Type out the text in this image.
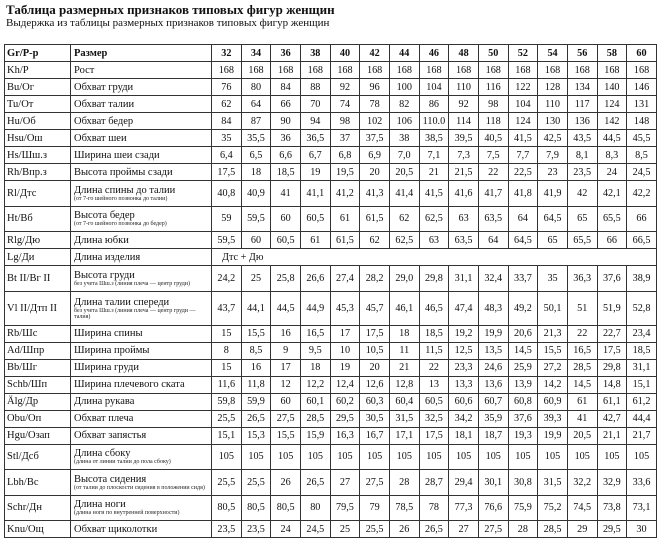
Таблица размерных признаков типовых фигур женщин
Выдержка из таблицы размерных признаков типовых фигур женщин
Gr/Р-р	Размер	32	34	36	38	40	42	44	46	48	50	52	54	56	58	60
Kh/Р	Рост	168	168	168	168	168	168	168	168	168	168	168	168	168	168	168
Bu/Ог	Обхват груди	76	80	84	88	92	96	100	104	110	116	122	128	134	140	146
Tu/От	Обхват талии	62	64	66	70	74	78	82	86	92	98	104	110	117	124	131
Hu/Об	Обхват бедер	84	87	90	94	98	102	106	110.0	114	118	124	130	136	142	148
Hsu/Ош	Обхват шеи	35	35,5	36	36,5	37	37,5	38	38,5	39,5	40,5	41,5	42,5	43,5	44,5	45,5
Hs/Шш.з	Ширина шеи сзади	6,4	6,5	6,6	6,7	6,8	6,9	7,0	7,1	7,3	7,5	7,7	7,9	8,1	8,3	8,5
Rh/Впр.з	Высота проймы сзади	17,5	18	18,5	19	19,5	20	20,5	21	21,5	22	22,5	23	23,5	24	24,5
Rl/Дтс	Длина спины до талии
(от 7-го шейного позвонка до талии)	40,8	40,9	41	41,1	41,2	41,3	41,4	41,5	41,6	41,7	41,8	41,9	42	42,1	42,2
Ht/Вб	Высота бедер
(от 7-го шейного позвонка до бедер)	59	59,5	60	60,5	61	61,5	62	62,5	63	63,5	64	64,5	65	65,5	66
Rlg/Дю	Длина юбки	59,5	60	60,5	61	61,5	62	62,5	63	63,5	64	64,5	65	65,5	66	66,5
Lg/Ди	Длина изделия	Дтс + Дю														
Bt II/Вг II	Высота груди
без учета Шш.з (линия плеча — центр груди)	24,2	25	25,8	26,6	27,4	28,2	29,0	29,8	31,1	32,4	33,7	35	36,3	37,6	38,9
Vl II/Дтп II	Длина талии спереди
без учета Шш.з (линия плеча — центр груди — талия)	43,7	44,1	44,5	44,9	45,3	45,7	46,1	46,5	47,4	48,3	49,2	50,1	51	51,9	52,8
Rb/Шс	Ширина спины	15	15,5	16	16,5	17	17,5	18	18,5	19,2	19,9	20,6	21,3	22	22,7	23,4
Ad/Шпр	Ширина проймы	8	8,5	9	9,5	10	10,5	11	11,5	12,5	13,5	14,5	15,5	16,5	17,5	18,5
Bb/Шг	Ширина груди	15	16	17	18	19	20	21	22	23,3	24,6	25,9	27,2	28,5	29,8	31,1
Schb/Шп	Ширина плечевого ската	11,6	11,8	12	12,2	12,4	12,6	12,8	13	13,3	13,6	13,9	14,2	14,5	14,8	15,1
Älg/Др	Длина рукава	59,8	59,9	60	60,1	60,2	60,3	60,4	60,5	60,6	60,7	60,8	60,9	61	61,1	61,2
Obu/Оп	Обхват плеча	25,5	26,5	27,5	28,5	29,5	30,5	31,5	32,5	34,2	35,9	37,6	39,3	41	42,7	44,4
Hgu/Озап	Обхват запястья	15,1	15,3	15,5	15,9	16,3	16,7	17,1	17,5	18,1	18,7	19,3	19,9	20,5	21,1	21,7
Stl/Дсб	Длина сбоку
(длина от линии талии до пола сбоку)	105	105	105	105	105	105	105	105	105	105	105	105	105	105	105
Lbh/Вс	Высота сидения
(от талии до плоскости сидения в положении сидя)	25,5	25,5	26	26,5	27	27,5	28	28,7	29,4	30,1	30,8	31,5	32,2	32,9	33,6
Schr/Дн	Длина ноги
(длина ноги по внутренней поверхности)	80,5	80,5	80,5	80	79,5	79	78,5	78	77,3	76,6	75,9	75,2	74,5	73,8	73,1
Knu/Ощ	Обхват щиколотки	23,5	23,5	24	24,5	25	25,5	26	26,5	27	27,5	28	28,5	29	29,5	30
